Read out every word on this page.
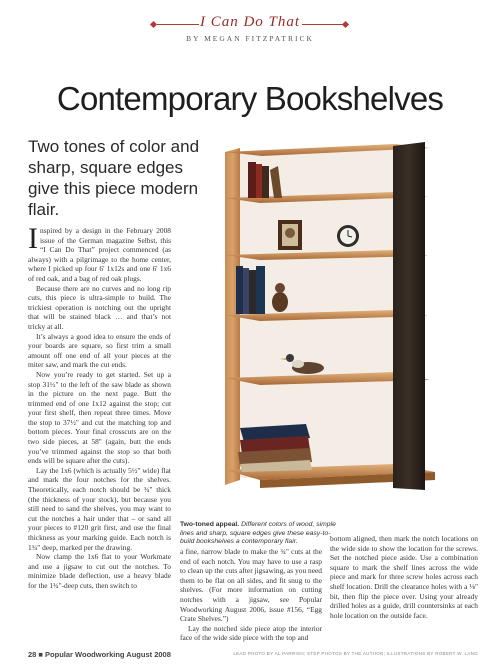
I Can Do That
BY MEGAN FITZPATRICK
Contemporary Bookshelves
Two tones of color and sharp, square edges give this piece modern flair.

Inspired by a design in the February 2008 issue of the German magazine Selbst, this “I Can Do That” project commenced (as always) with a pilgrimage to the home center, where I picked up four 6' 1x12s and one 6' 1x6 of red oak, and a bag of red oak plugs.

Because there are no curves and no long rip cuts, this piece is ultra-simple to build. The trickiest operation is notching out the upright that will be stained black … and that’s not tricky at all.

It’s always a good idea to ensure the ends of your boards are square, so first trim a small amount off one end of all your pieces at the miter saw, and mark the cut ends.

Now you’re ready to get started. Set up a stop 31½" to the left of the saw blade as shown in the picture on the next page. Butt the trimmed end of one 1x12 against the stop; cut your first shelf, then repeat three times. Move the stop to 37½" and cut the matching top and bottom pieces. Your final crosscuts are on the two side pieces, at 58" (again, butt the ends you’ve trimmed against the stop so that both ends will be square after the cuts).

Lay the 1x6 (which is actually 5½" wide) flat and mark the four notches for the shelves. Theoretically, each notch should be ¾" thick (the thickness of your stock), but because you still need to sand the shelves, you may want to cut the notches a hair under that – or sand all your pieces to #120 grit first, and use the final thickness as your marking guide. Each notch is 1¾" deep, marked per the drawing.

Now clamp the 1x6 flat to your Workmate and use a jigsaw to cut out the notches. To minimize blade deflection, use a heavy blade for the 1¾"-deep cuts, then switch to

Two-toned appeal. Different colors of wood, simple lines and sharp, square edges give these easy-to-build bookshelves a contemporary flair.

a fine, narrow blade to make the ¾" cuts at the end of each notch. You may have to use a rasp to clean up the cuts after jigsawing, as you need them to be flat on all sides, and fit snug to the shelves. (For more information on cutting notches with a jigsaw, see Popular Woodworking August 2006, issue #156, “Egg Crate Shelves.”)

Lay the notched side piece atop the interior face of the wide side piece with the top and

bottom aligned, then mark the notch locations on the wide side to show the location for the screws. Set the notched piece aside. Use a combination square to mark the shelf lines across the wide piece and mark for three screw holes across each shelf location. Drill the clearance holes with a ⅛" bit, then flip the piece over. Using your already drilled holes as a guide, drill countersinks at each hole location on the outside face.

28 ■ Popular Woodworking August 2008	LEAD PHOTO BY AL PARRISH; STEP PHOTOS BY THE AUTHOR; ILLUSTRATIONS BY ROBERT W. LANG
